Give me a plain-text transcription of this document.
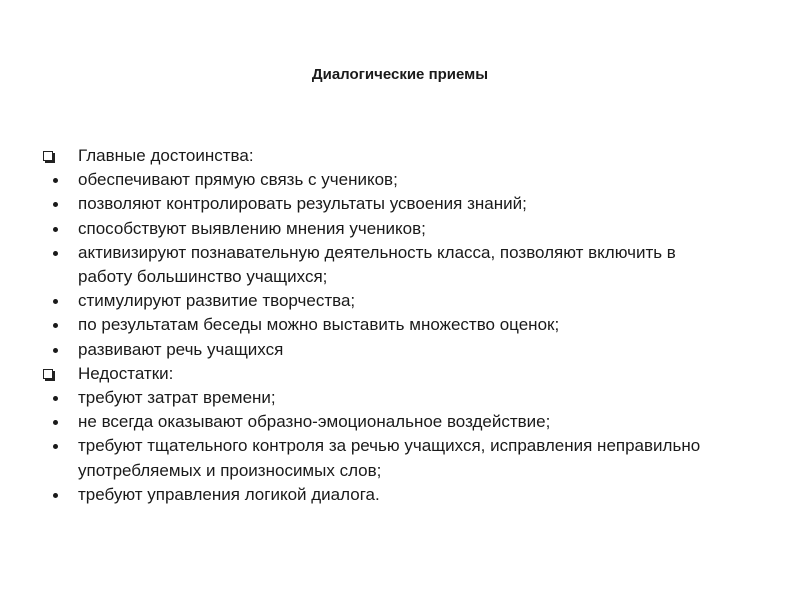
Диалогические приемы
Главные достоинства:
обеспечивают прямую связь с учеников;
позволяют контролировать результаты усвоения знаний;
способствуют выявлению мнения учеников;
активизируют познавательную деятельность класса, позволяют включить в работу большинство учащихся;
стимулируют развитие творчества;
по результатам беседы можно выставить множество оценок;
развивают речь учащихся
Недостатки:
требуют затрат времени;
не всегда оказывают образно-эмоциональное воздействие;
требуют тщательного контроля за речью учащихся, исправления неправильно употребляемых и произносимых слов;
требуют управления логикой диалога.
